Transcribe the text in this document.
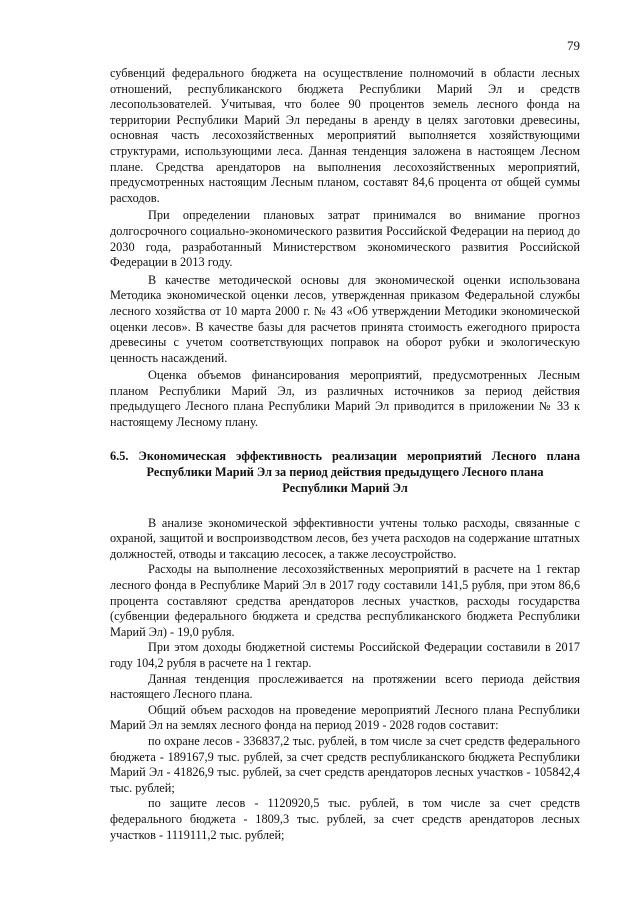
79

субвенций федерального бюджета на осуществление полномочий в области лесных отношений, республиканского бюджета Республики Марий Эл и средств лесопользователей. Учитывая, что более 90 процентов земель лесного фонда на территории Республики Марий Эл переданы в аренду в целях заготовки древесины, основная часть лесохозяйственных мероприятий выполняется хозяйствующими структурами, использующими леса. Данная тенденция заложена в настоящем Лесном плане. Средства арендаторов на выполнения лесохозяйственных мероприятий, предусмотренных настоящим Лесным планом, составят 84,6 процента от общей суммы расходов.

При определении плановых затрат принимался во внимание прогноз долгосрочного социально-экономического развития Российской Федерации на период до 2030 года, разработанный Министерством экономического развития Российской Федерации в 2013 году.

В качестве методической основы для экономической оценки использована Методика экономической оценки лесов, утвержденная приказом Федеральной службы лесного хозяйства от 10 марта 2000 г. № 43 «Об утверждении Методики экономической оценки лесов». В качестве базы для расчетов принята стоимость ежегодного прироста древесины с учетом соответствующих поправок на оборот рубки и экологическую ценность насаждений.

Оценка объемов финансирования мероприятий, предусмотренных Лесным планом Республики Марий Эл, из различных источников за период действия предыдущего Лесного плана Республики Марий Эл приводится в приложении № 33 к настоящему Лесному плану.

6.5. Экономическая эффективность реализации мероприятий Лесного плана
Республики Марий Эл за период действия предыдущего Лесного плана
Республики Марий Эл

В анализе экономической эффективности учтены только расходы, связанные с охраной, защитой и воспроизводством лесов, без учета расходов на содержание штатных должностей, отводы и таксацию лесосек, а также лесоустройство.

Расходы на выполнение лесохозяйственных мероприятий в расчете на 1 гектар лесного фонда в Республике Марий Эл в 2017 году составили 141,5 рубля, при этом 86,6 процента составляют средства арендаторов лесных участков, расходы государства (субвенции федерального бюджета и средства республиканского бюджета Республики Марий Эл) - 19,0 рубля.

При этом доходы бюджетной системы Российской Федерации составили в 2017 году 104,2 рубля в расчете на 1 гектар.

Данная тенденция прослеживается на протяжении всего периода действия настоящего Лесного плана.

Общий объем расходов на проведение мероприятий Лесного плана Республики Марий Эл на землях лесного фонда на период 2019 - 2028 годов составит:

по охране лесов - 336837,2 тыс. рублей, в том числе за счет средств федерального бюджета - 189167,9 тыс. рублей, за счет средств республиканского бюджета Республики Марий Эл - 41826,9 тыс. рублей, за счет средств арендаторов лесных участков - 105842,4 тыс. рублей;

по защите лесов - 1120920,5 тыс. рублей, в том числе за счет средств федерального бюджета - 1809,3 тыс. рублей, за счет средств арендаторов лесных участков - 1119111,2 тыс. рублей;
